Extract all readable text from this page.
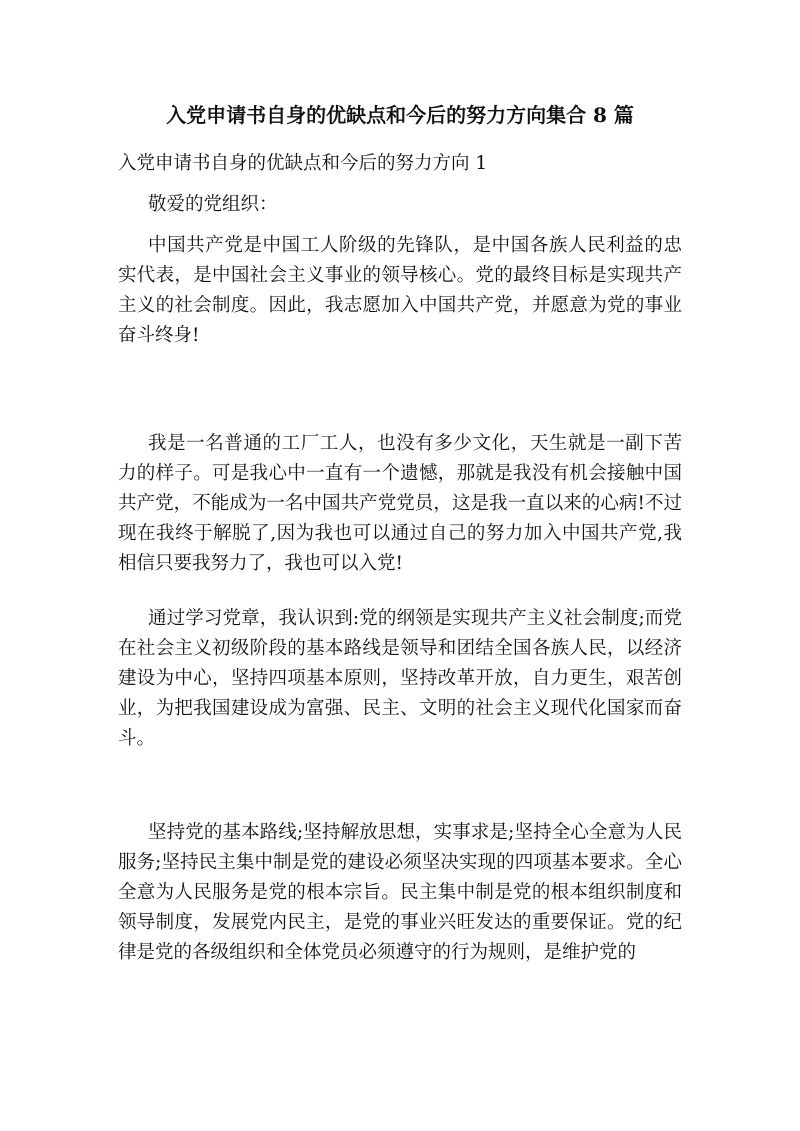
入党申请书自身的优缺点和今后的努力方向集合 8 篇

入党申请书自身的优缺点和今后的努力方向 1

敬爱的党组织：

中国共产党是中国工人阶级的先锋队，是中国各族人民利益的忠实代表，是中国社会主义事业的领导核心。党的最终目标是实现共产主义的社会制度。因此，我志愿加入中国共产党，并愿意为党的事业奋斗终身!

我是一名普通的工厂工人，也没有多少文化，天生就是一副下苦力的样子。可是我心中一直有一个遗憾，那就是我没有机会接触中国共产党，不能成为一名中国共产党党员，这是我一直以来的心病!不过现在我终于解脱了,因为我也可以通过自己的努力加入中国共产党,我相信只要我努力了，我也可以入党!

通过学习党章，我认识到:党的纲领是实现共产主义社会制度;而党在社会主义初级阶段的基本路线是领导和团结全国各族人民，以经济建设为中心，坚持四项基本原则，坚持改革开放，自力更生，艰苦创业，为把我国建设成为富强、民主、文明的社会主义现代化国家而奋斗。

坚持党的基本路线;坚持解放思想，实事求是;坚持全心全意为人民服务;坚持民主集中制是党的建设必须坚决实现的四项基本要求。全心全意为人民服务是党的根本宗旨。民主集中制是党的根本组织制度和领导制度，发展党内民主，是党的事业兴旺发达的重要保证。党的纪律是党的各级组织和全体党员必须遵守的行为规则，是维护党的
